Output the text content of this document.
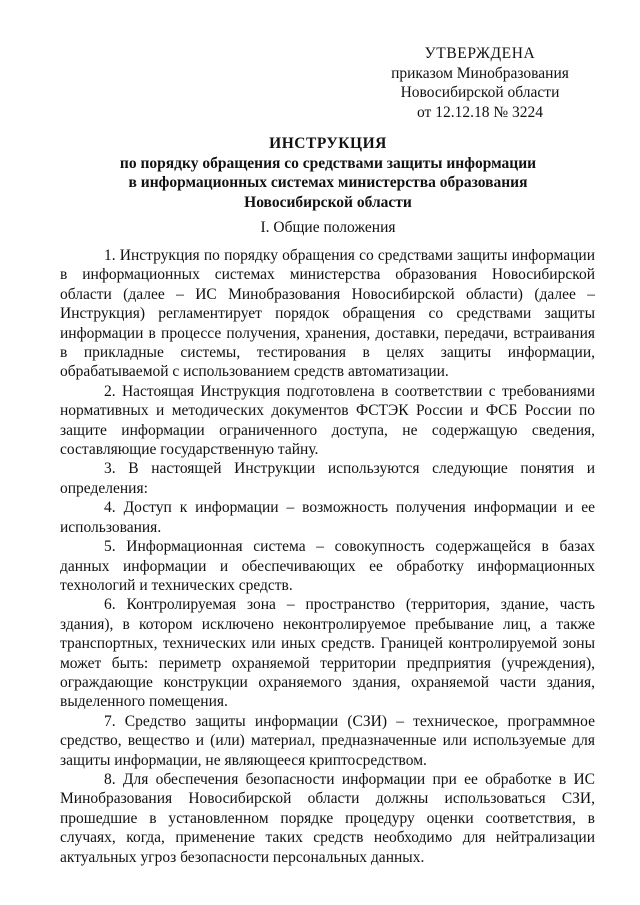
УТВЕРЖДЕНА
приказом Минобразования
Новосибирской области
от 12.12.18 № 3224
ИНСТРУКЦИЯ
по порядку обращения со средствами защиты информации
в информационных системах министерства образования
Новосибирской области
I. Общие положения

1. Инструкция по порядку обращения со средствами защиты информации в информационных системах министерства образования Новосибирской области (далее – ИС Минобразования Новосибирской области) (далее – Инструкция) регламентирует порядок обращения со средствами защиты информации в процессе получения, хранения, доставки, передачи, встраивания в прикладные системы, тестирования в целях защиты информации, обрабатываемой с использованием средств автоматизации.

2. Настоящая Инструкция подготовлена в соответствии с требованиями нормативных и методических документов ФСТЭК России и ФСБ России по защите информации ограниченного доступа, не содержащую сведения, составляющие государственную тайну.

3. В настоящей Инструкции используются следующие понятия и определения:

4. Доступ к информации – возможность получения информации и ее использования.

5. Информационная система – совокупность содержащейся в базах данных информации и обеспечивающих ее обработку информационных технологий и технических средств.

6. Контролируемая зона – пространство (территория, здание, часть здания), в котором исключено неконтролируемое пребывание лиц, а также транспортных, технических или иных средств. Границей контролируемой зоны может быть: периметр охраняемой территории предприятия (учреждения), ограждающие конструкции охраняемого здания, охраняемой части здания, выделенного помещения.

7. Средство защиты информации (СЗИ) – техническое, программное средство, вещество и (или) материал, предназначенные или используемые для защиты информации, не являющееся криптосредством.

8. Для обеспечения безопасности информации при ее обработке в ИС Минобразования Новосибирской области должны использоваться СЗИ, прошедшие в установленном порядке процедуру оценки соответствия, в случаях, когда, применение таких средств необходимо для нейтрализации актуальных угроз безопасности персональных данных.
